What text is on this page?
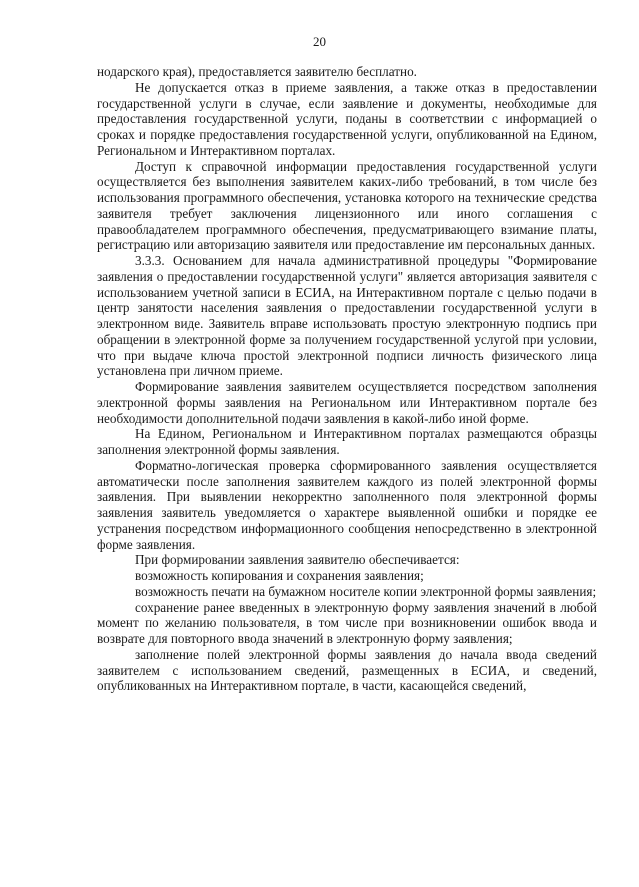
20

нодарского края), предоставляется заявителю бесплатно.

Не допускается отказ в приеме заявления, а также отказ в предоставлении государственной услуги в случае, если заявление и документы, необходимые для предоставления государственной услуги, поданы в соответствии с информацией о сроках и порядке предоставления государственной услуги, опубликованной на Едином, Региональном и Интерактивном порталах.

Доступ к справочной информации предоставления государственной услуги осуществляется без выполнения заявителем каких-либо требований, в том числе без использования программного обеспечения, установка которого на технические средства заявителя требует заключения лицензионного или иного соглашения с правообладателем программного обеспечения, предусматривающего взимание платы, регистрацию или авторизацию заявителя или предоставление им персональных данных.

3.3.3. Основанием для начала административной процедуры "Формирование заявления о предоставлении государственной услуги" является авторизация заявителя с использованием учетной записи в ЕСИА, на Интерактивном портале с целью подачи в центр занятости населения заявления о предоставлении государственной услуги в электронном виде. Заявитель вправе использовать простую электронную подпись при обращении в электронной форме за получением государственной услугой при условии, что при выдаче ключа простой электронной подписи личность физического лица установлена при личном приеме.

Формирование заявления заявителем осуществляется посредством заполнения электронной формы заявления на Региональном или Интерактивном портале без необходимости дополнительной подачи заявления в какой-либо иной форме.

На Едином, Региональном и Интерактивном порталах размещаются образцы заполнения электронной формы заявления.

Форматно-логическая проверка сформированного заявления осуществляется автоматически после заполнения заявителем каждого из полей электронной формы заявления. При выявлении некорректно заполненного поля электронной формы заявления заявитель уведомляется о характере выявленной ошибки и порядке ее устранения посредством информационного сообщения непосредственно в электронной форме заявления.

При формировании заявления заявителю обеспечивается:

возможность копирования и сохранения заявления;

возможность печати на бумажном носителе копии электронной формы заявления;

сохранение ранее введенных в электронную форму заявления значений в любой момент по желанию пользователя, в том числе при возникновении ошибок ввода и возврате для повторного ввода значений в электронную форму заявления;

заполнение полей электронной формы заявления до начала ввода сведений заявителем с использованием сведений, размещенных в ЕСИА, и сведений, опубликованных на Интерактивном портале, в части, касающейся сведений,
